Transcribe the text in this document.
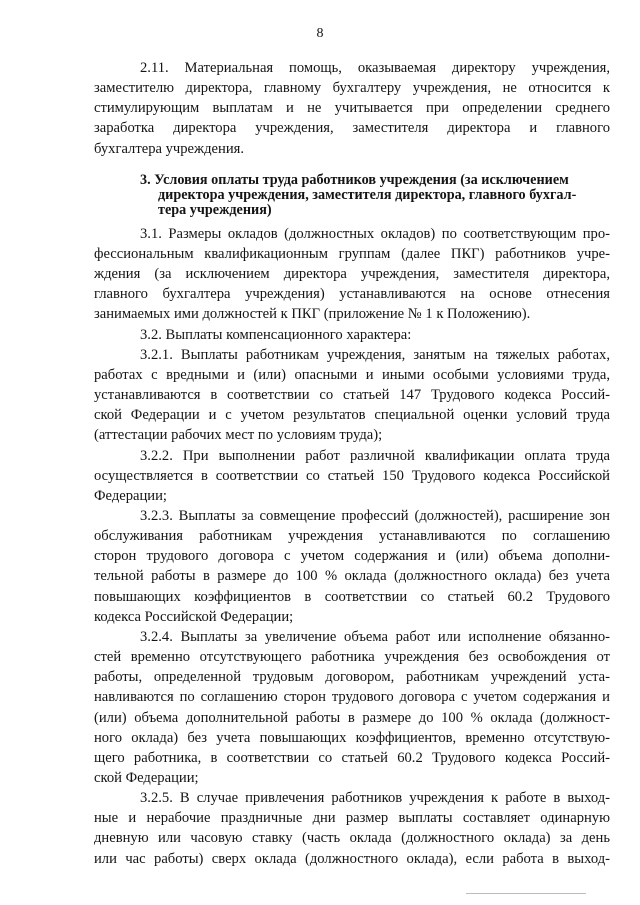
8
2.11. Материальная помощь, оказываемая директору учреждения,
заместителю директора, главному бухгалтеру учреждения, не относится к
стимулирующим выплатам и не учитывается при определении среднего
заработка директора учреждения, заместителя директора и главного
бухгалтера учреждения.
3. Условия оплаты труда работников учреждения (за исключением
директора учреждения, заместителя директора, главного бухгал-
тера учреждения)
3.1. Размеры окладов (должностных окладов) по соответствующим про-
фессиональным квалификационным группам (далее ПКГ) работников учре-
ждения (за исключением директора учреждения, заместителя директора,
главного бухгалтера учреждения) устанавливаются на основе отнесения
занимаемых ими должностей к ПКГ (приложение № 1 к Положению).
3.2. Выплаты компенсационного характера:
3.2.1. Выплаты работникам учреждения, занятым на тяжелых работах,
работах с вредными и (или) опасными и иными особыми условиями труда,
устанавливаются в соответствии со статьей 147 Трудового кодекса Россий-
ской Федерации и с учетом результатов специальной оценки условий труда
(аттестации рабочих мест по условиям труда);
3.2.2. При выполнении работ различной квалификации оплата труда
осуществляется в соответствии со статьей 150 Трудового кодекса Российской
Федерации;
3.2.3. Выплаты за совмещение профессий (должностей), расширение зон
обслуживания работникам учреждения устанавливаются по соглашению
сторон трудового договора с учетом содержания и (или) объема дополни-
тельной работы в размере до 100 % оклада (должностного оклада) без учета
повышающих коэффициентов в соответствии со статьей 60.2 Трудового
кодекса Российской Федерации;
3.2.4. Выплаты за увеличение объема работ или исполнение обязанно-
стей временно отсутствующего работника учреждения без освобождения от
работы, определенной трудовым договором, работникам учреждений уста-
навливаются по соглашению сторон трудового договора с учетом содержания и
(или) объема дополнительной работы в размере до 100 % оклада (должност-
ного оклада) без учета повышающих коэффициентов, временно отсутствую-
щего работника, в соответствии со статьей 60.2 Трудового кодекса Россий-
ской Федерации;
3.2.5. В случае привлечения работников учреждения к работе в выход-
ные и нерабочие праздничные дни размер выплаты составляет одинарную
дневную или часовую ставку (часть оклада (должностного оклада) за день
или час работы) сверх оклада (должностного оклада), если работа в выход-
